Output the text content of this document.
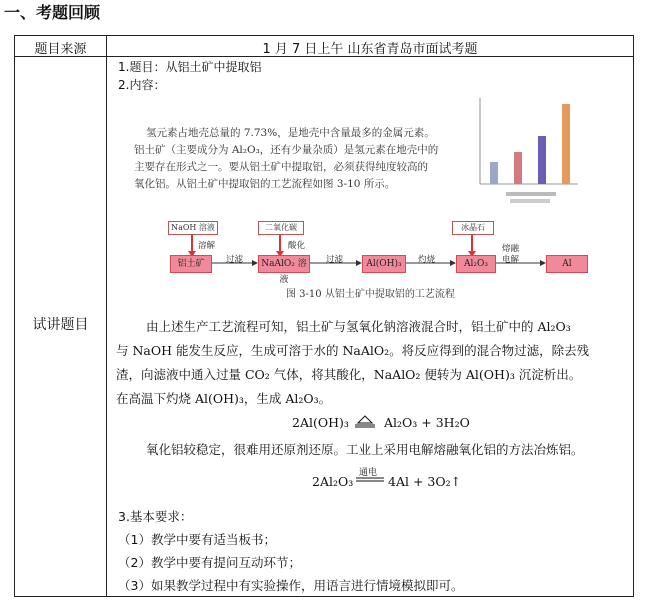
一、考题回顾
题目来源	1 月 7 日上午 山东省青岛市面试考题
试讲题目
1.题目：从铝土矿中提取铝
2.内容：
氢元素占地壳总量的 7.73%，是地壳中含量最多的金属元素。
铝土矿（主要成分为 Al₂O₃，还有少量杂质）是氢元素在地壳中的
主要存在形式之一。要从铝土矿中提取铝，必须获得纯度较高的
氧化铝。从铝土矿中提取铝的工艺流程如图 3-10 所示。
NaOH 溶液	二氧化碳	冰晶石
溶解
过滤
酸化
过滤	灼烧
熔融
电解
铝土矿	NaAlO₂ 溶液
Al(OH)₃	Al₂O₃	Al
图 3-10 从铝土矿中提取铝的工艺流程
由上述生产工艺流程可知，铝土矿与氢氧化钠溶液混合时，铝土矿中的 Al₂O₃
与 NaOH 能发生反应，生成可溶于水的 NaAlO₂。将反应得到的混合物过滤，除去残
渣，向滤液中通入过量 CO₂ 气体，将其酸化，NaAlO₂ 便转为 Al(OH)₃ 沉淀析出。
在高温下灼烧 Al(OH)₃，生成 Al₂O₃。
2Al(OH)₃	Al₂O₃ + 3H₂O
氧化铝较稳定，很难用还原剂还原。工业上采用电解熔融氧化铝的方法冶炼铝。
2Al₂O₃
通电
4Al + 3O₂↑
3.基本要求：
（1）教学中要有适当板书；
（2）教学中要有提问互动环节；
（3）如果教学过程中有实验操作，用语言进行情境模拟即可。
